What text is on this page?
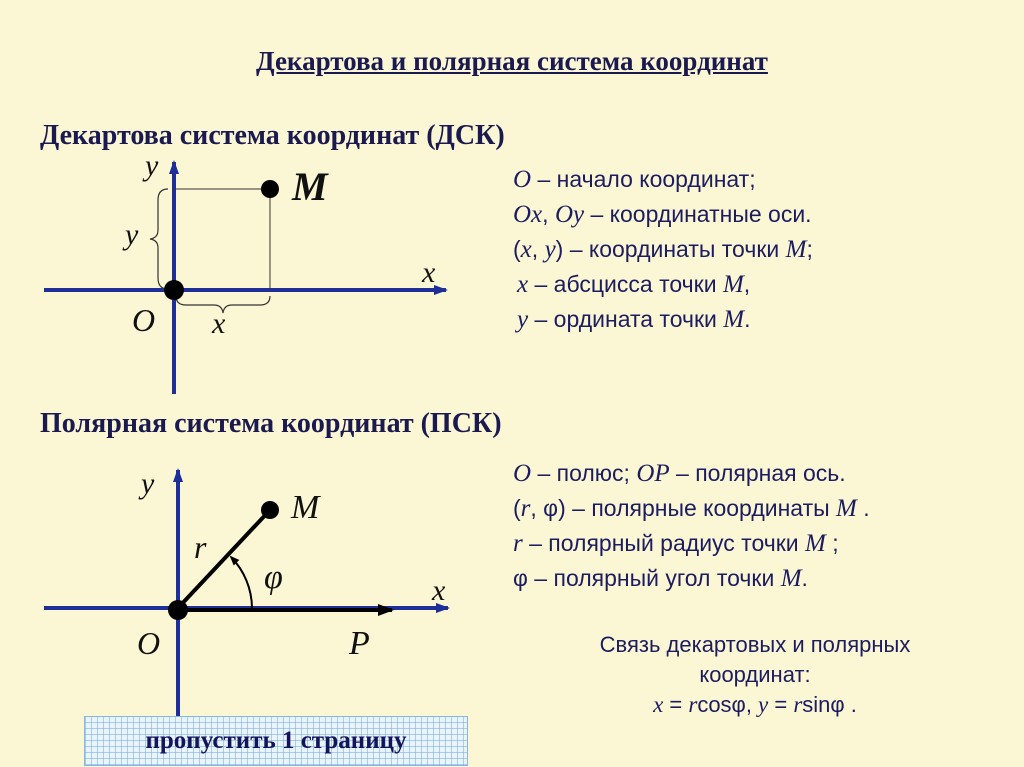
Декартова и полярная система координат
Декартова система координат (ДСК)
y
x
M
y
x
O
O – начало координат;
Ox, Oy – координатные оси.
(x, y) – координаты точки M;
x – абсцисса точки M,
y – ордината точки M.
Полярная система координат (ПСК)
y
x
M
r
φ
O	P
O – полюс; OP – полярная ось.
(r, φ) – полярные координаты M .
r – полярный радиус точки M ;
φ – полярный угол точки M.
Связь декартовых и полярных
координат:
x = rcosφ, y = rsinφ .
пропустить 1 страницу
